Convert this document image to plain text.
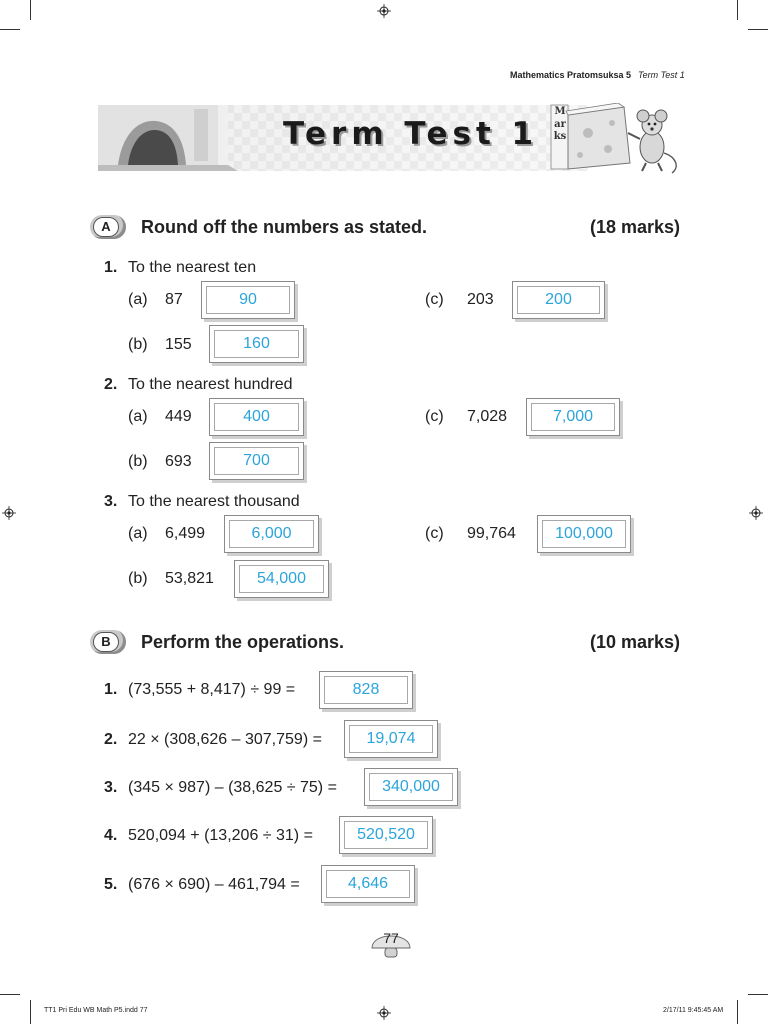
Mathematics Pratomsuksa 5 Term Test 1
Term Test 1
Marks
A	Round off the numbers as stated.	(18 marks)
1. To the nearest ten
(a) 87	90	(c) 203	200
(b) 155	160
2. To the nearest hundred
(a) 449	400	(c) 7,028	7,000
(b) 693	700
3. To the nearest thousand
(a) 6,499	6,000	(c) 99,764	100,000
(b) 53,821	54,000
B	Perform the operations.	(10 marks)
1. (73,555 + 8,417) ÷ 99 =	828
2. 22 × (308,626 – 307,759) =	19,074
3. (345 × 987) – (38,625 ÷ 75) =	340,000
4. 520,094 + (13,206 ÷ 31) =	520,520
5. (676 × 690) – 461,794 =	4,646
77
TT1 Pri Edu WB Math P5.indd 77	2/17/11 9:45:45 AM
